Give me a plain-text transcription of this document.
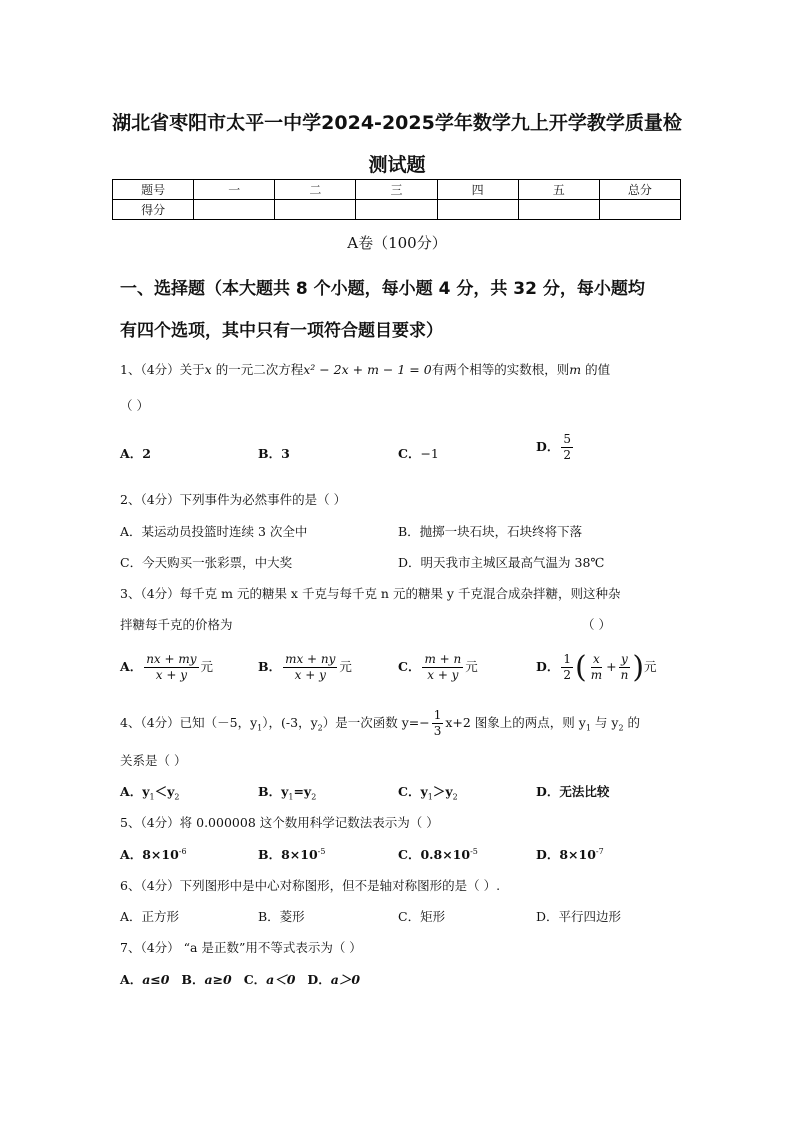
湖北省枣阳市太平一中学2024-2025学年数学九上开学教学质量检
测试题
题号	一	二	三	四	五	总分
得分						
A卷（100分）
一、选择题（本大题共 8 个小题，每小题 4 分，共 32 分，每小题均
有四个选项，其中只有一项符合题目要求）
1、（4分）关于x 的一元二次方程x² − 2x + m − 1 = 0有两个相等的实数根，则m 的值
（ ）
A．2	B．3	C．−1	D． $\frac{5}{2}$
2、（4分）下列事件为必然事件的是（ ）
A．某运动员投篮时连续 3 次全中	B．抛掷一块石块，石块终将下落
C．今天购买一张彩票，中大奖	D．明天我市主城区最高气温为 38℃
3、（4分）每千克 m 元的糖果 x 千克与每千克 n 元的糖果 y 千克混合成杂拌糖，则这种杂
拌糖每千克的价格为	（ ）
A． $\frac{nx + my}{x + y}$ 元	B． $\frac{mx + ny}{x + y}$ 元	C． $\frac{m + n}{x + y}$ 元	D． $\frac{1}{2}$ ( $\frac{x}{m} + \frac{y}{n}$ )元
4、（4分）已知（－5，$y_1$），(-3，$y_2$）是一次函数 $y=- \frac{1}{3} x+2$ 图象上的两点，则 $y_1$ 与 $y_2$ 的
关系是（ ）
A．$y_1<y_2$	B．$y_1=y_2$	C．$y_1>y_2$	D．无法比较
5、（4分）将 0.000008 这个数用科学记数法表示为（ ）
A．$8\times 10^{-6}$	B．$8\times 10^{-5}$	C．$0.8\times 10^{-5}$	D．$8\times 10^{-7}$
6、（4分）下列图形中是中心对称图形，但不是轴对称图形的是（ ）.
A．正方形	B．菱形	C．矩形	D．平行四边形
7、（4分） “a 是正数”用不等式表示为（ ）
A．a≤0 B．a≥0 C．a＜0 D．a＞0
